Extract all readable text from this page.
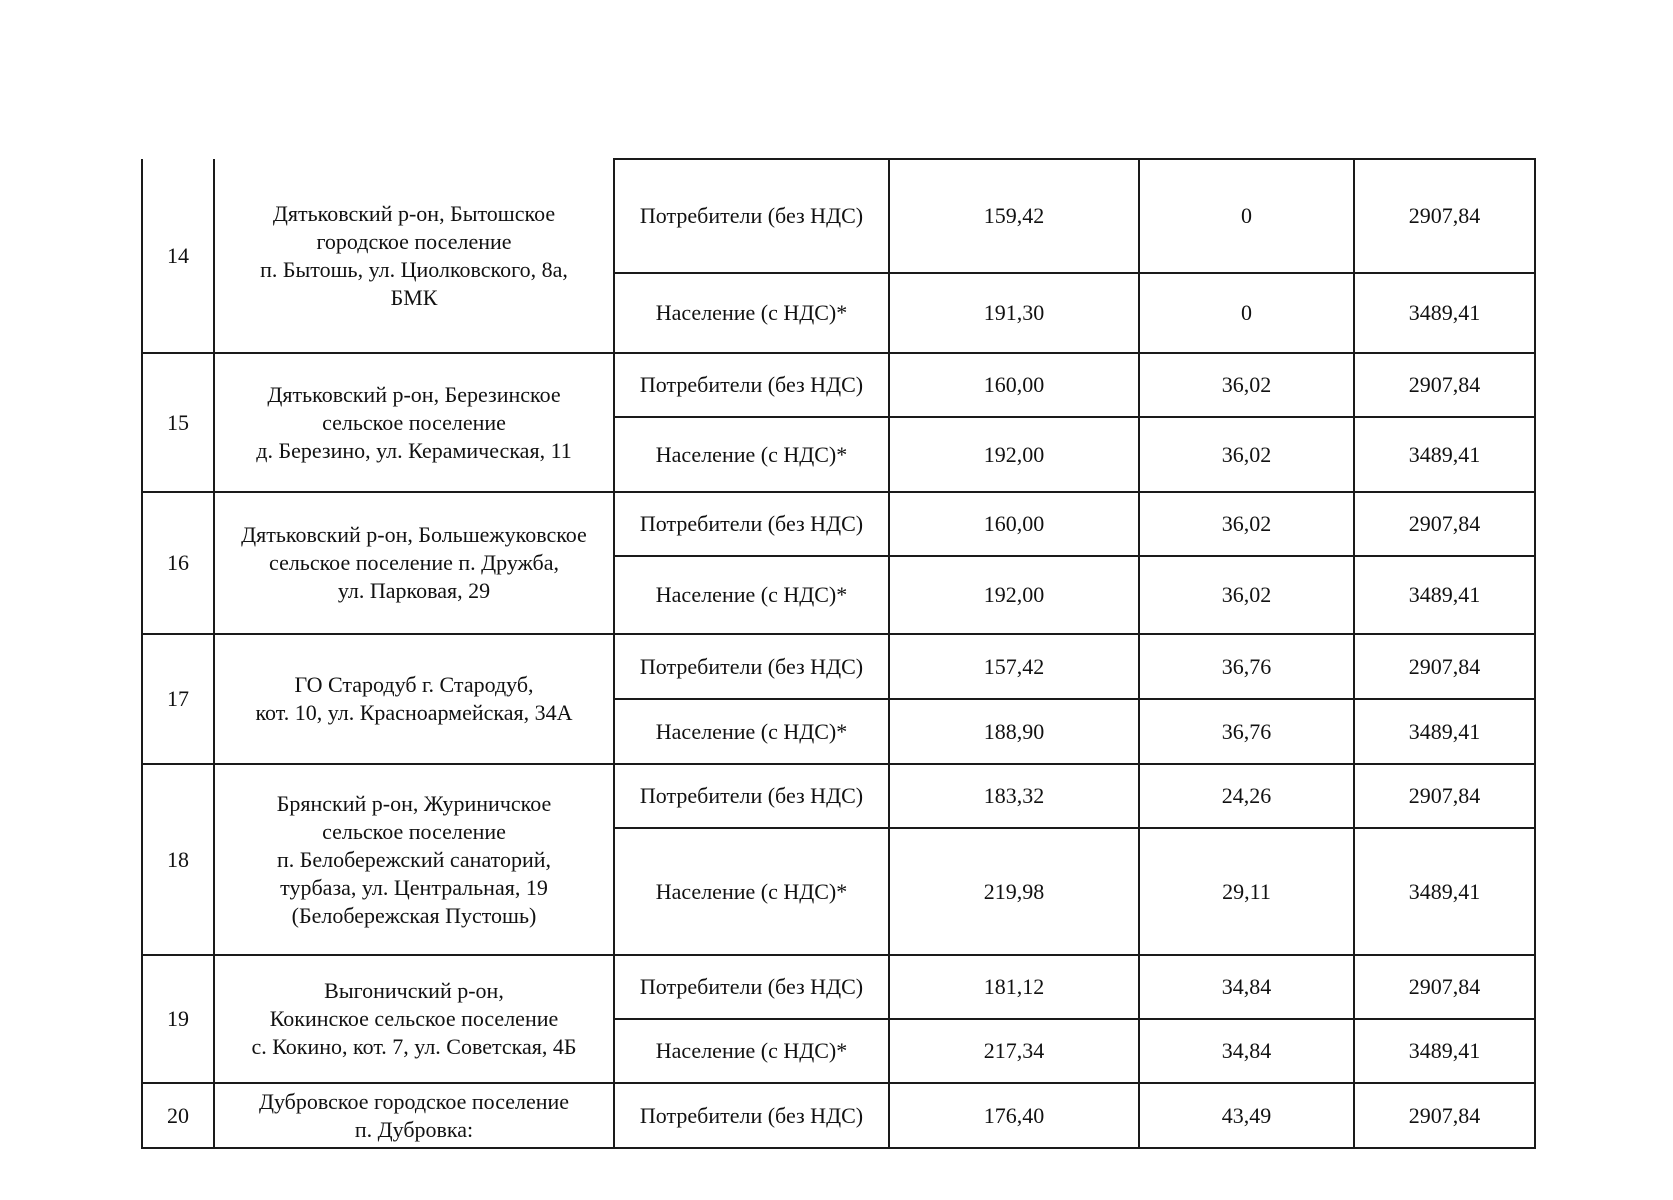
14	Дятьковский р-он, Бытошское
городское поселение
п. Бытошь, ул. Циолковского, 8а,
БМК	Потребители (без НДС)	159,42	0	2907,84
		Население (с НДС)*	191,30	0	3489,41
15	Дятьковский р-он, Березинское
сельское поселение
д. Березино, ул. Керамическая, 11	Потребители (без НДС)	160,00	36,02	2907,84
		Население (с НДС)*	192,00	36,02	3489,41
16	Дятьковский р-он, Большежуковское
сельское поселение п. Дружба,
ул. Парковая, 29	Потребители (без НДС)	160,00	36,02	2907,84
		Население (с НДС)*	192,00	36,02	3489,41
17	ГО Стародуб г. Стародуб,
кот. 10, ул. Красноармейская, 34А	Потребители (без НДС)	157,42	36,76	2907,84
		Население (с НДС)*	188,90	36,76	3489,41
18	Брянский р-он, Журиничское
сельское поселение
п. Белобережский санаторий,
турбаза, ул. Центральная, 19
(Белобережская Пустошь)	Потребители (без НДС)	183,32	24,26	2907,84
		Население (с НДС)*	219,98	29,11	3489,41
19	Выгоничский р-он,
Кокинское сельское поселение
с. Кокино, кот. 7, ул. Советская, 4Б	Потребители (без НДС)	181,12	34,84	2907,84
		Население (с НДС)*	217,34	34,84	3489,41
20	Дубровское городское поселение
п. Дубровка:	Потребители (без НДС)	176,40	43,49	2907,84
